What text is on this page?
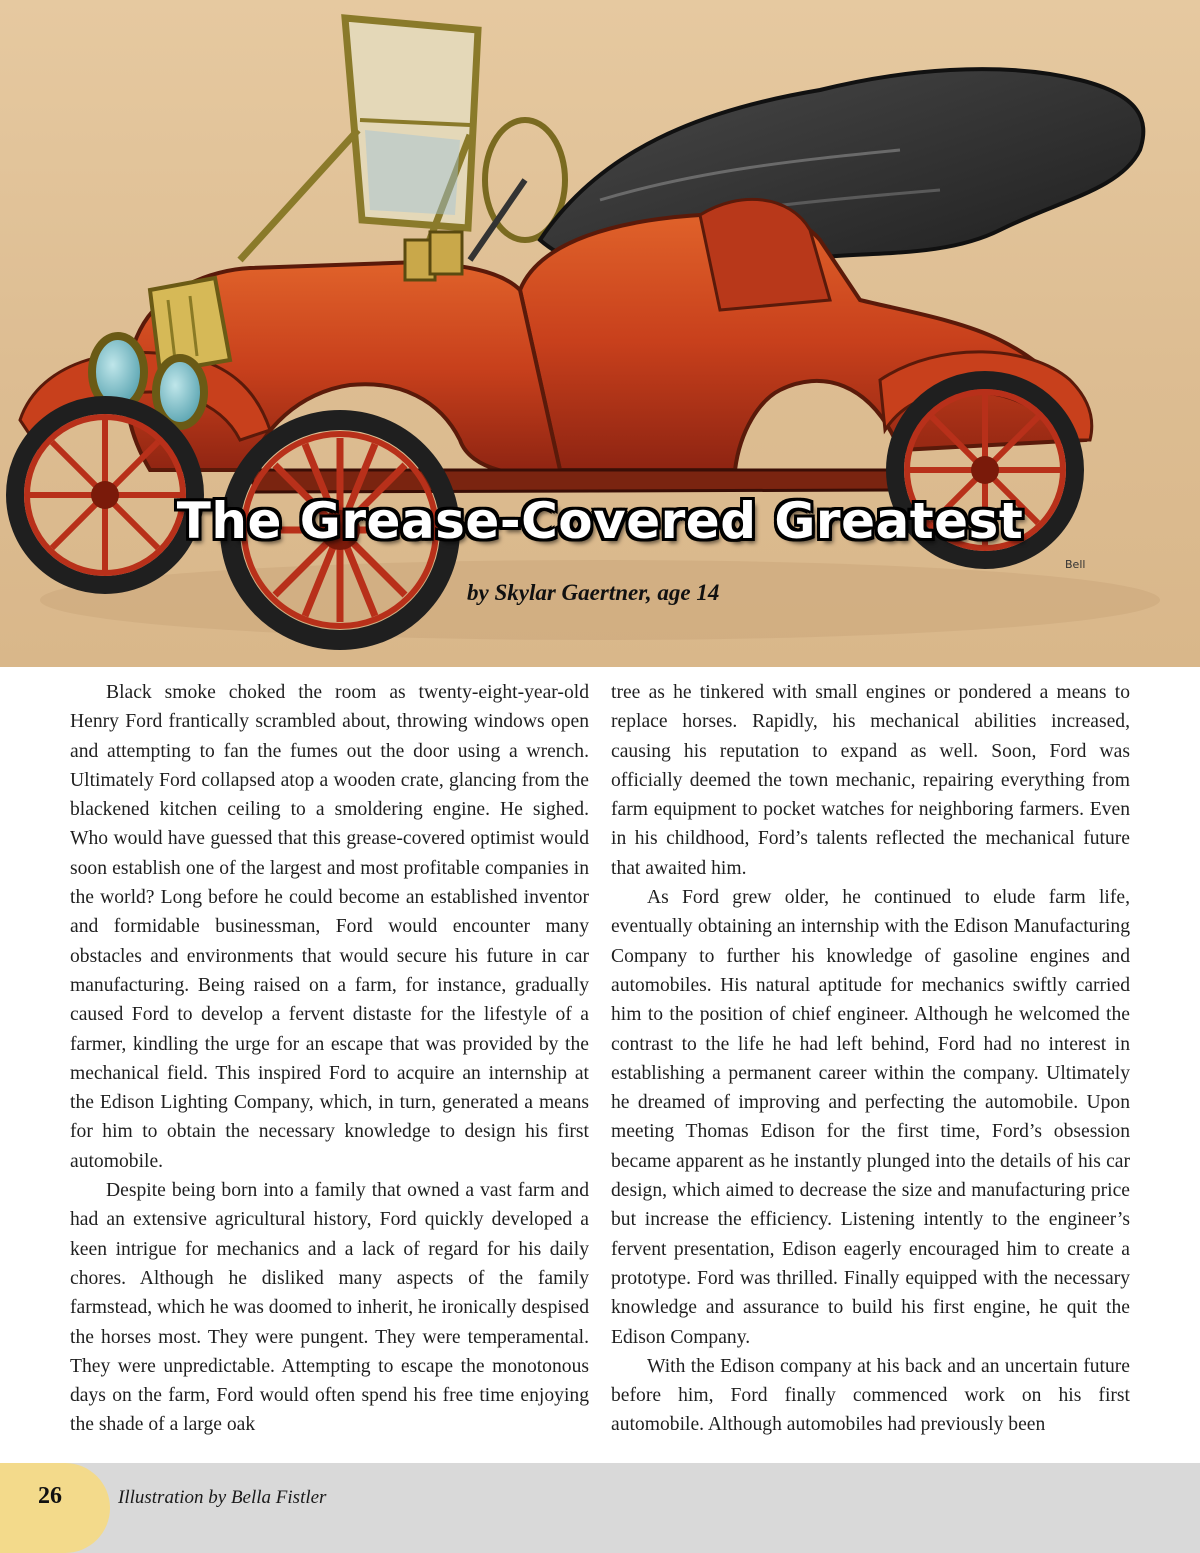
Bell
The Grease-Covered Greatest
by Skylar Gaertner, age 14

Black smoke choked the room as twenty-eight-year-old Henry Ford frantically scrambled about, throwing windows open and attempting to fan the fumes out the door using a wrench. Ultimately Ford collapsed atop a wooden crate, glancing from the blackened kitchen ceiling to a smoldering engine. He sighed. Who would have guessed that this grease-covered optimist would soon establish one of the largest and most profitable companies in the world? Long before he could become an established inventor and formidable businessman, Ford would encounter many obstacles and environments that would secure his future in car manufacturing. Being raised on a farm, for instance, gradually caused Ford to develop a fervent distaste for the lifestyle of a farmer, kindling the urge for an escape that was provided by the mechanical field. This inspired Ford to acquire an internship at the Edison Lighting Company, which, in turn, generated a means for him to obtain the necessary knowledge to design his first automobile.

Despite being born into a family that owned a vast farm and had an extensive agricultural history, Ford quickly developed a keen intrigue for mechanics and a lack of regard for his daily chores. Although he disliked many aspects of the family farmstead, which he was doomed to inherit, he ironically despised the horses most. They were pungent. They were temperamental. They were unpredictable. Attempting to escape the monotonous days on the farm, Ford would often spend his free time enjoying the shade of a large oak

tree as he tinkered with small engines or pondered a means to replace horses. Rapidly, his mechanical abilities increased, causing his reputation to expand as well. Soon, Ford was officially deemed the town mechanic, repairing everything from farm equipment to pocket watches for neighboring farmers. Even in his childhood, Ford’s talents reflected the mechanical future that awaited him.

As Ford grew older, he continued to elude farm life, eventually obtaining an internship with the Edison Manufacturing Company to further his knowledge of gasoline engines and automobiles. His natural aptitude for mechanics swiftly carried him to the position of chief engineer. Although he welcomed the contrast to the life he had left behind, Ford had no interest in establishing a permanent career within the company. Ultimately he dreamed of improving and perfecting the automobile. Upon meeting Thomas Edison for the first time, Ford’s obsession became apparent as he instantly plunged into the details of his car design, which aimed to decrease the size and manufacturing price but increase the efficiency. Listening intently to the engineer’s fervent presentation, Edison eagerly encouraged him to create a prototype. Ford was thrilled. Finally equipped with the necessary knowledge and assurance to build his first engine, he quit the Edison Company.

With the Edison company at his back and an uncertain future before him, Ford finally commenced work on his first automobile. Although automobiles had previously been

26	Illustration by Bella Fistler
